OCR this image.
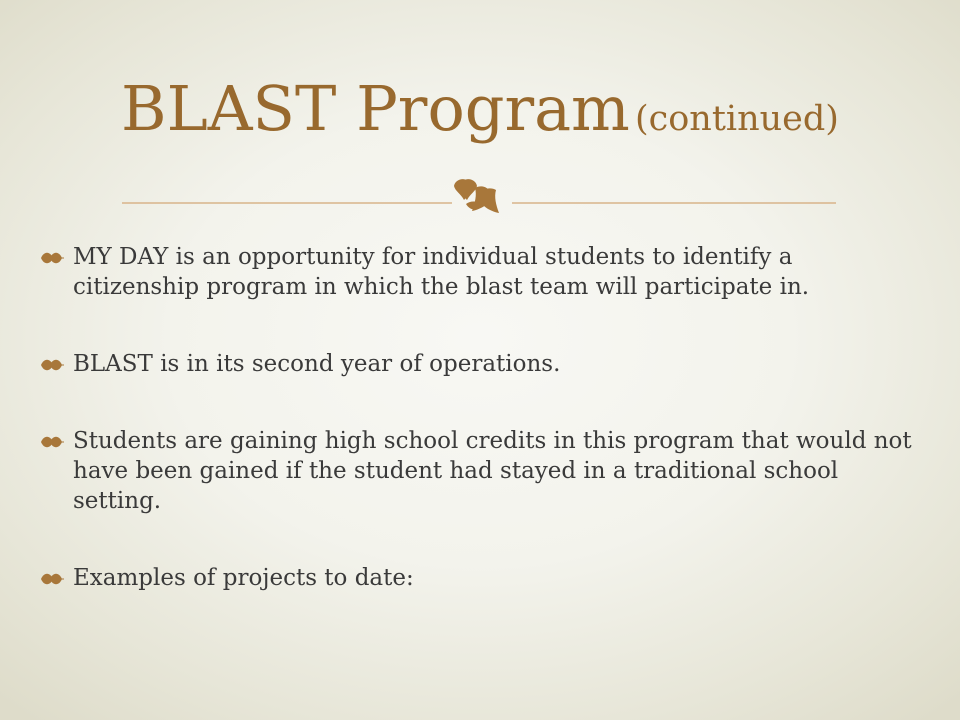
BLAST Program (continued)
MY DAY is an opportunity for individual students to identify a citizenship program in which the blast team will participate in.
BLAST is in its second year of operations.
Students are gaining high school credits in this program that would not have been gained if the student had stayed in a traditional school setting.
Examples of projects to date:
